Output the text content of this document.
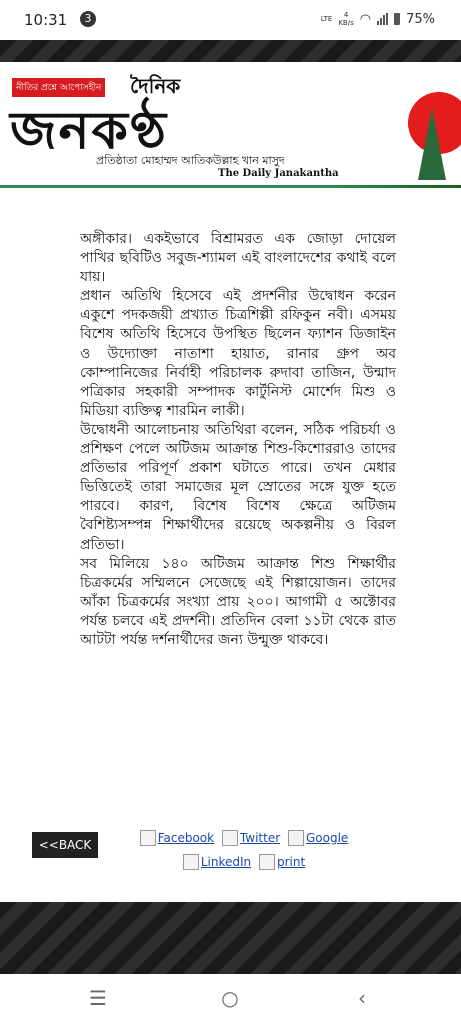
10:31	3	LTE	4
KB/s ◠	75%
নীতির প্রশ্নে আপোসহীন দৈনিক
জনকণ্ঠ
প্রতিষ্ঠাতা মোহাম্মদ আতিকউল্লাহ খান মাসুদ
The Daily Janakantha

অঙ্গীকার। একইভাবে বিশ্রামরত এক জোড়া দোয়েল পাখির ছবিটিও সবুজ-শ্যামল এই বাংলাদেশের কথাই বলে যায়।

প্রধান অতিথি হিসেবে এই প্রদর্শনীর উদ্বোধন করেন একুশে পদকজয়ী প্রখ্যাত চিত্রশিল্পী রফিকুন নবী। এসময় বিশেষ অতিথি হিসেবে উপস্থিত ছিলেন ফ্যাশন ডিজাইন ও উদ্যোক্তা নাতাশা হায়াত, রানার গ্রুপ অব কোম্পানিজের নির্বাহী পরিচালক রুদাবা তাজিন, উন্মাদ পত্রিকার সহকারী সম্পাদক কার্টুনিস্ট মোর্শেদ মিশু ও মিডিয়া ব্যক্তিত্ব শারমিন লাকী।

উদ্বোধনী আলোচনায় অতিথিরা বলেন, সঠিক পরিচর্যা ও প্রশিক্ষণ পেলে অটিজম আক্রান্ত শিশু-কিশোররাও তাদের প্রতিভার পরিপূর্ণ প্রকাশ ঘটাতে পারে। তখন মেধার ভিত্তিতেই তারা সমাজের মূল স্রোতের সঙ্গে যুক্ত হতে পারবে। কারণ, বিশেষ বিশেষ ক্ষেত্রে অটিজম বৈশিষ্ট্যসম্পন্ন শিক্ষার্থীদের রয়েছে অকল্পনীয় ও বিরল প্রতিভা।

সব মিলিয়ে ১৪০ অটিজম আক্রান্ত শিশু শিক্ষার্থীর চিত্রকর্মের সম্মিলনে সেজেছে এই শিল্পায়োজন। তাদের আঁকা চিত্রকর্মের সংখ্যা প্রায় ২০০। আগামী ৫ অক্টোবর পর্যন্ত চলবে এই প্রদর্শনী। প্রতিদিন বেলা ১১টা থেকে রাত আটটা পর্যন্ত দর্শনার্থীদের জন্য উন্মুক্ত থাকবে।

<<BACK	Facebook Twitter Google
LinkedIn print
☰	○	‹
